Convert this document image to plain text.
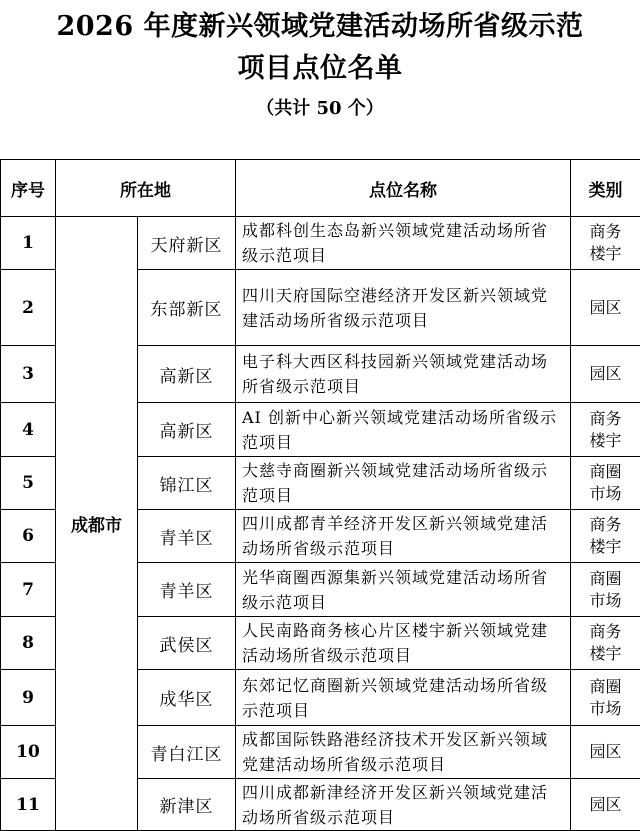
2026 年度新兴领域党建活动场所省级示范
项目点位名单
（共计 50 个）
序号	所在地		点位名称	类别
1	成都市	天府新区	成都科创生态岛新兴领域党建活动场所省级示范项目	商务
楼宇

2		东部新区	四川天府国际空港经济开发区新兴领域党建活动场所省级示范项目	园区

3		高新区	电子科大西区科技园新兴领域党建活动场所省级示范项目	园区

4		高新区	AI 创新中心新兴领域党建活动场所省级示范项目	商务
楼宇

5		锦江区	大慈寺商圈新兴领域党建活动场所省级示范项目	商圈
市场

6		青羊区	四川成都青羊经济开发区新兴领域党建活动场所省级示范项目	商务
楼宇

7		青羊区	光华商圈西源集新兴领域党建活动场所省级示范项目	商圈
市场

8		武侯区	人民南路商务核心片区楼宇新兴领域党建活动场所省级示范项目	商务
楼宇

9		成华区	东郊记忆商圈新兴领域党建活动场所省级示范项目	商圈
市场

10		青白江区	成都国际铁路港经济技术开发区新兴领域党建活动场所省级示范项目	园区

11		新津区	四川成都新津经济开发区新兴领域党建活动场所省级示范项目	园区
